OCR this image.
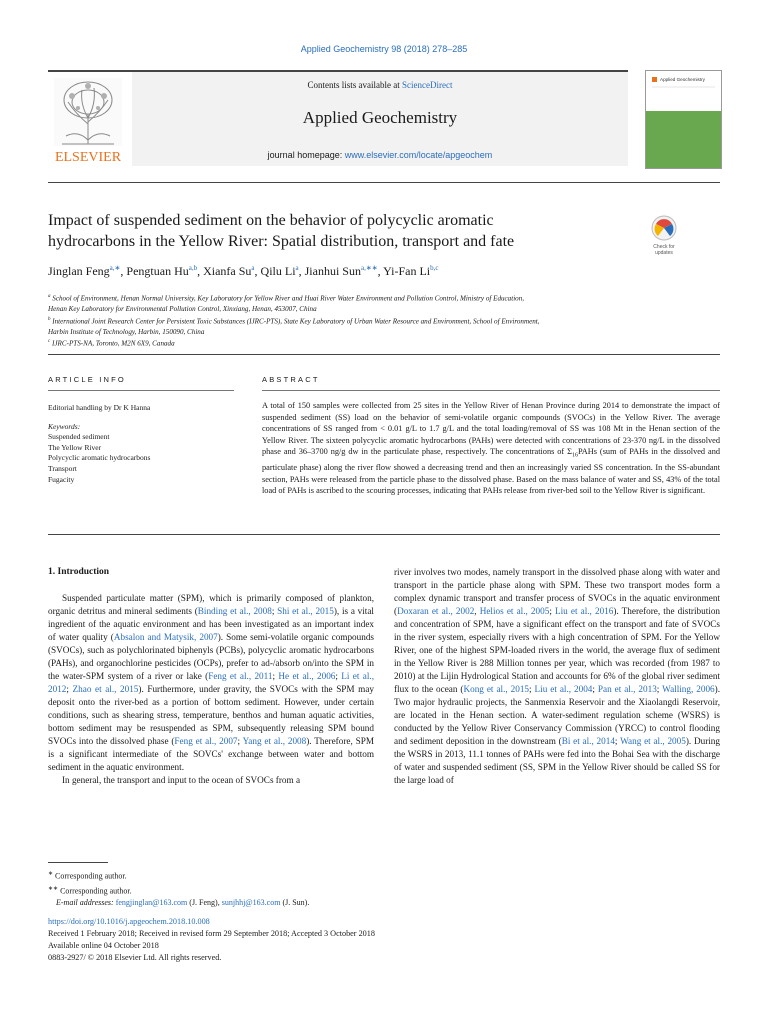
Applied Geochemistry 98 (2018) 278–285
ELSEVIER
Contents lists available at ScienceDirect
Applied Geochemistry
journal homepage: www.elsevier.com/locate/apgeochem
Applied Geochemistry
Impact of suspended sediment on the behavior of polycyclic aromatic
hydrocarbons in the Yellow River: Spatial distribution, transport and fate	Check for
updates
Jinglan Feng$^{a,∗}$, Pengtuan Hu$^{a,b}$, Xianfa Su$^a$, Qilu Li$^a$, Jianhui Sun$^{a,∗∗}$, Yi-Fan Li$^{b,c}$
$^a$ School of Environment, Henan Normal University, Key Laboratory for Yellow River and Huai River Water Environment and Pollution Control, Ministry of Education,
Henan Key Laboratory for Environmental Pollution Control, Xinxiang, Henan, 453007, China
$^b$ International Joint Research Center for Persistent Toxic Substances (IJRC-PTS), State Key Laboratory of Urban Water Resource and Environment, School of Environment,
Harbin Institute of Technology, Harbin, 150090, China
$^c$ IJRC-PTS-NA, Toronto, M2N 6X9, Canada
ARTICLE INFO	ABSTRACT
Editorial handling by Dr K Hanna
Keywords:
Suspended sediment
The Yellow River
Polycyclic aromatic hydrocarbons
Transport
Fugacity
A total of 150 samples were collected from 25 sites in the Yellow River of Henan Province during 2014 to demonstrate the impact of suspended sediment (SS) load on the behavior of semi-volatile organic compounds (SVOCs) in the Yellow River. The average concentrations of SS ranged from < 0.01 g/L to 1.7 g/L and the total loading/removal of SS was 108 Mt in the Henan section of the Yellow River. The sixteen polycyclic aromatic hydrocarbons (PAHs) were detected with concentrations of 23-370 ng/L in the dissolved phase and 36–3700 ng/g dw in the particulate phase, respectively. The concentrations of $\Sigma_{16}PAHs$ (sum of PAHs in the dissolved and particulate phase) along the river flow showed a decreasing trend and then an increasingly varied SS concentration. In the SS-abundant section, PAHs were released from the particle phase to the dissolved phase. Based on the mass balance of water and SS, 43% of the total load of PAHs is ascribed to the scouring processes, indicating that PAHs release from river-bed soil to the Yellow River is significant.
1. Introduction

Suspended particulate matter (SPM), which is primarily composed of plankton, organic detritus and mineral sediments (Binding et al., 2008; Shi et al., 2015), is a vital ingredient of the aquatic environment and has been investigated as an important index of water quality (Absalon and Matysik, 2007). Some semi-volatile organic compounds (SVOCs), such as polychlorinated biphenyls (PCBs), polycyclic aromatic hydrocarbons (PAHs), and organochlorine pesticides (OCPs), prefer to ad-/absorb on/into the SPM in the water-SPM system of a river or lake (Feng et al., 2011; He et al., 2006; Li et al., 2012; Zhao et al., 2015). Furthermore, under gravity, the SVOCs with the SPM may deposit onto the river-bed as a portion of bottom sediment. However, under certain conditions, such as shearing stress, temperature, benthos and human aquatic activities, bottom sediment may be resuspended as SPM, subsequently releasing SPM bound SVOCs into the dissolved phase (Feng et al., 2007; Yang et al., 2008). Therefore, SPM is a significant intermediate of the SOVCs' exchange between water and bottom sediment in the aquatic environment.

In general, the transport and input to the ocean of SVOCs from a

river involves two modes, namely transport in the dissolved phase along with water and transport in the particle phase along with SPM. These two transport modes form a complex dynamic transport and transfer process of SVOCs in the aquatic environment (Doxaran et al., 2002, Helios et al., 2005; Liu et al., 2016). Therefore, the distribution and concentration of SPM, have a significant effect on the transport and fate of SVOCs in the river system, especially rivers with a high concentration of SPM. For the Yellow River, one of the highest SPM-loaded rivers in the world, the average flux of sediment in the Yellow River is 288 Million tonnes per year, which was recorded (from 1987 to 2010) at the Lijin Hydrological Station and accounts for 6% of the global river sediment flux to the ocean (Kong et al., 2015; Liu et al., 2004; Pan et al., 2013; Walling, 2006). Two major hydraulic projects, the Sanmenxia Reservoir and the Xiaolangdi Reservoir, are located in the Henan section. A water-sediment regulation scheme (WSRS) is conducted by the Yellow River Conservancy Commission (YRCC) to control flooding and sediment deposition in the downstream (Bi et al., 2014; Wang et al., 2005). During the WSRS in 2013, 11.1 tonnes of PAHs were fed into the Bohai Sea with the discharge of water and suspended sediment (SS, SPM in the Yellow River should be called SS for the large load of

∗ Corresponding author.
∗∗ Corresponding author.
E-mail addresses: fengjinglan@163.com (J. Feng), sunjhhj@163.com (J. Sun).
https://doi.org/10.1016/j.apgeochem.2018.10.008
Received 1 February 2018; Received in revised form 29 September 2018; Accepted 3 October 2018
Available online 04 October 2018
0883-2927/ © 2018 Elsevier Ltd. All rights reserved.
